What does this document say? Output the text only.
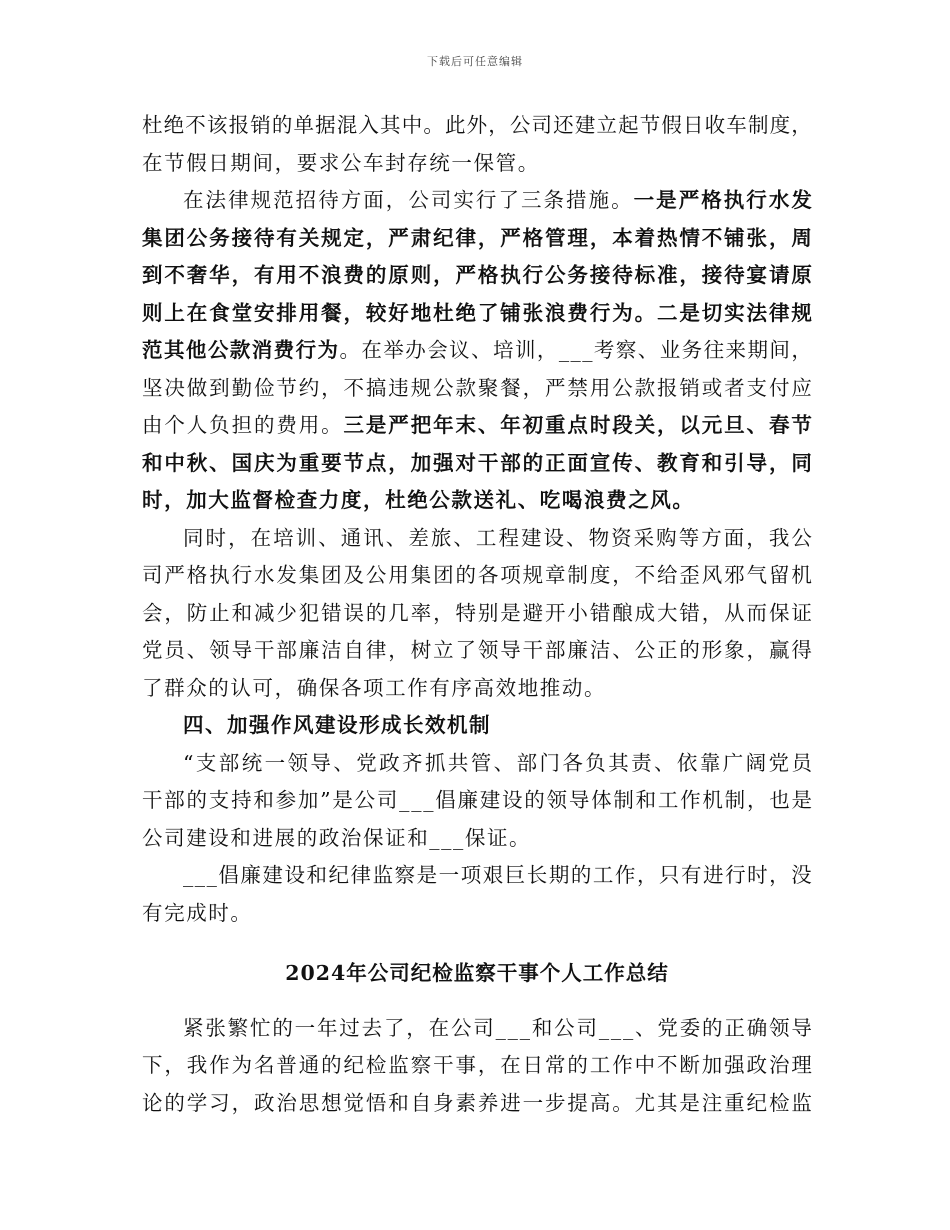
下载后可任意编辑
杜 绝 不 该 报 销 的 单 据 混 入 其 中 。 此 外 ， 公 司 还 建 立 起 节 假 日 收 车 制 度 ，
在节假日期间，要求公车封存统一保管。
在 法 律 规 范 招 待 方 面 ， 公 司 实 行 了 三 条 措 施 。 一 是 严 格 执 行 水 发
集 团 公 务 接 待 有 关 规 定 ， 严 肃 纪 律 ， 严 格 管 理 ， 本 着 热 情 不 铺 张 ， 周
到 不 奢 华 ， 有 用 不 浪 费 的 原 则 ， 严 格 执 行 公 务 接 待 标 准 ， 接 待 宴 请 原
则 上 在 食 堂 安 排 用 餐 ， 较 好 地 杜 绝 了 铺 张 浪 费 行 为 。 二 是 切 实 法 律 规
范 其 他 公 款 消 费 行 为 。 在 举 办 会 议 、 培 训 ， _ _ _ 考 察 、 业 务 往 来 期 间 ，
坚 决 做 到 勤 俭 节 约 ， 不 搞 违 规 公 款 聚 餐 ， 严 禁 用 公 款 报 销 或 者 支 付 应
由 个 人 负 担 的 费 用 。 三 是 严 把 年 末 、 年 初 重 点 时 段 关 ， 以 元 旦 、 春 节
和 中 秋 、 国 庆 为 重 要 节 点 ， 加 强 对 干 部 的 正 面 宣 传 、 教 育 和 引 导 ， 同
时，加大监督检查力度，杜绝公款送礼、吃喝浪费之风。
同 时 ， 在 培 训 、 通 讯 、 差 旅 、 工 程 建 设 、 物 资 采 购 等 方 面 ， 我 公
司 严 格 执 行 水 发 集 团 及 公 用 集 团 的 各 项 规 章 制 度 ， 不 给 歪 风 邪 气 留 机
会 ， 防 止 和 减 少 犯 错 误 的 几 率 ， 特 别 是 避 开 小 错 酿 成 大 错 ， 从 而 保 证
党 员 、 领 导 干 部 廉 洁 自 律 ， 树 立 了 领 导 干 部 廉 洁 、 公 正 的 形 象 ， 赢 得
了群众的认可，确保各项工作有序高效地推动。
四、加强作风建设形成长效机制
“ 支 部 统 一 领 导 、 党 政 齐 抓 共 管 、 部 门 各 负 其 责 、 依 靠 广 阔 党 员
干 部 的 支 持 和 参 加 ” 是 公 司 _ _ _ 倡 廉 建 设 的 领 导 体 制 和 工 作 机 制 ， 也 是
公司建设和进展的政治保证和___保证。
_ _ _ 倡 廉 建 设 和 纪 律 监 察 是 一 项 艰 巨 长 期 的 工 作 ， 只 有 进 行 时 ， 没
有完成时。
2024年公司纪检监察干事个人工作总结
紧 张 繁 忙 的 一 年 过 去 了 ， 在 公 司 _ _ _ 和 公 司 _ _ _ 、 党 委 的 正 确 领 导
下 ， 我 作 为 名 普 通 的 纪 检 监 察 干 事 ， 在 日 常 的 工 作 中 不 断 加 强 政 治 理
论 的 学 习 ， 政 治 思 想 觉 悟 和 自 身 素 养 进 一 步 提 高 。 尤 其 是 注 重 纪 检 监
